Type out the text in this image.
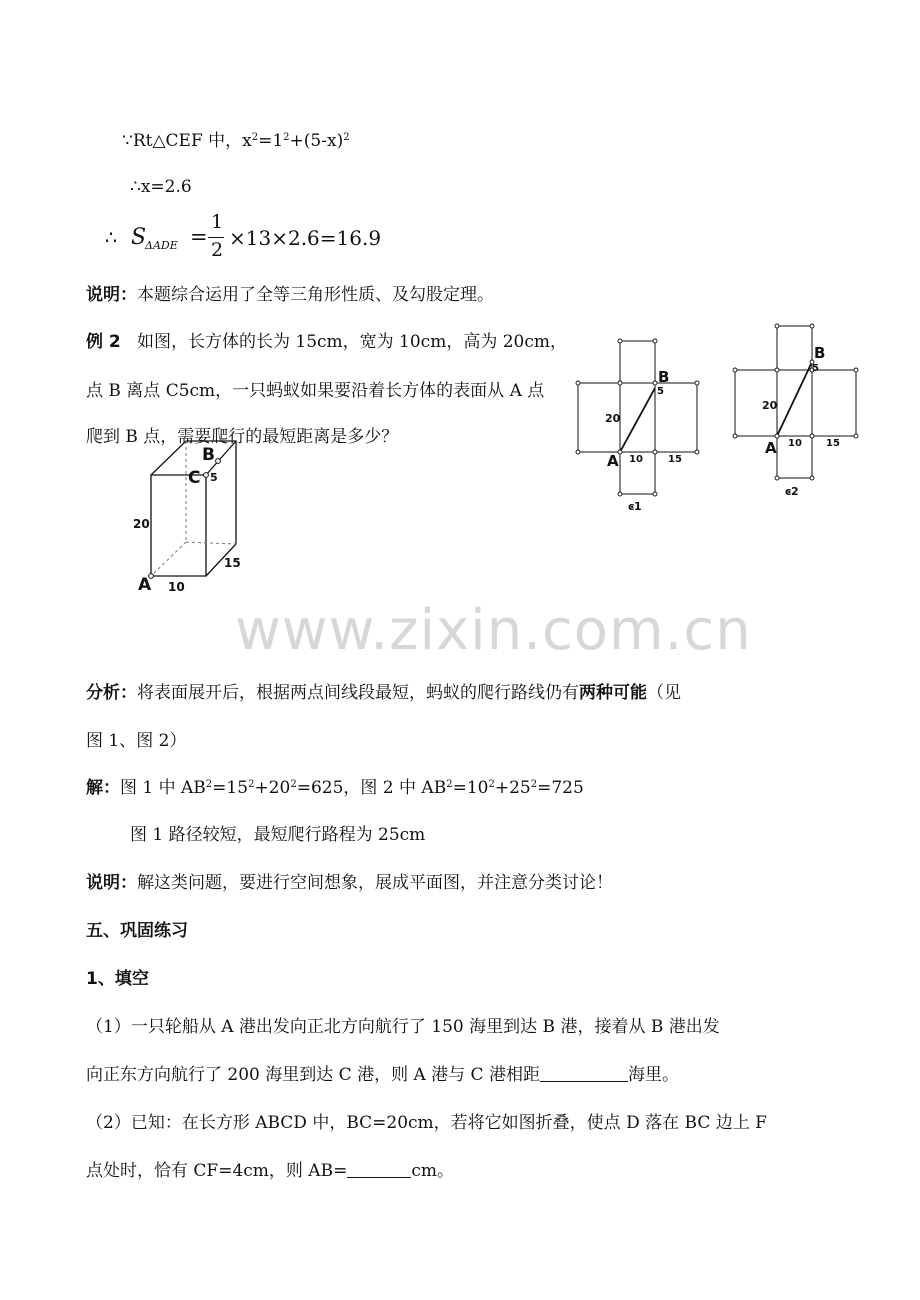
∵Rt△CEF 中，$x^2=1^2+(5-x)^2$
∴x=2.6
∴ S
ΔADE =
1
2 ×13×2.6=16.9
说明：本题综合运用了全等三角形性质、及勾股定理。
例 2 如图，长方体的长为 15cm，宽为 10cm，高为 20cm，
点 B 离点 C5cm，一只蚂蚁如果要沿着长方体的表面从 A 点
爬到 B 点，需要爬行的最短距离是多少？
B
C 5
20
A 10
15
B
5
20
A 10	15
ͼ1
B
5
20
A 10 15
ͼ2
www.zixin.com.cn
分析：将表面展开后，根据两点间线段最短，蚂蚁的爬行路线仍有两种可能（见
图 1、图 2）
解：图 1 中 $AB^2=15^2+20^2=625$，图 2 中 $AB^2=10^2+25^2=725$
图 1 路径较短，最短爬行路程为 25cm
说明：解这类问题，要进行空间想象，展成平面图，并注意分类讨论！
五、巩固练习
1、填空
（1）一只轮船从 A 港出发向正北方向航行了 150 海里到达 B 港，接着从 B 港出发
向正东方向航行了 200 海里到达 C 港，则 A 港与 C 港相距	海里。
（2）已知：在长方形 ABCD 中，BC=20cm，若将它如图折叠，使点 D 落在 BC 边上 F
点处时，恰有 CF=4cm，则 AB=	cm。
